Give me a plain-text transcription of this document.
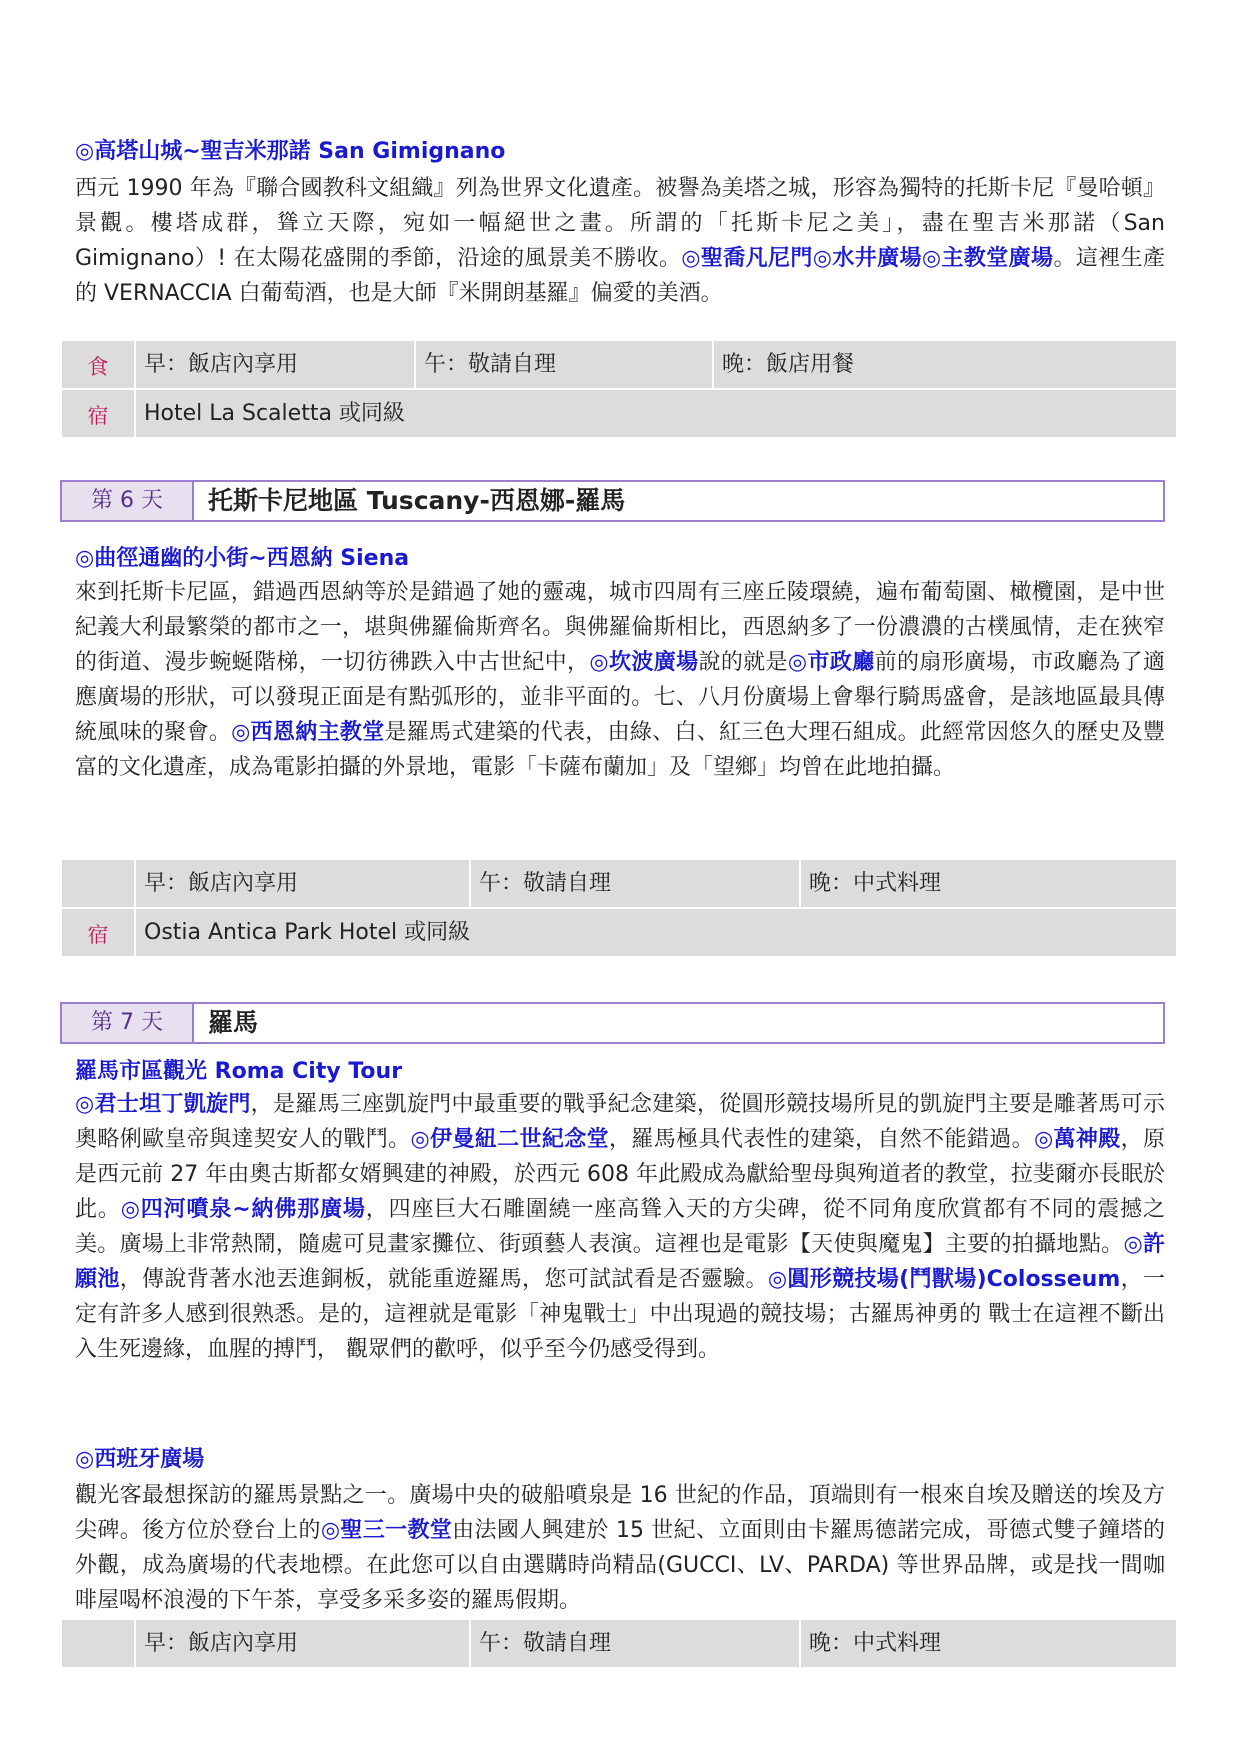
◎高塔山城~聖吉米那諾 San Gimignano
西元 1990 年為『聯合國教科文組織』列為世界文化遺產。被譽為美塔之城，形容為獨特的托斯卡尼『曼哈頓』景觀。樓塔成群，聳立天際，宛如一幅絕世之畫。所謂的「托斯卡尼之美」，盡在聖吉米那諾（San Gimignano）! 在太陽花盛開的季節，沿途的風景美不勝收。◎聖喬凡尼門◎水井廣場◎主教堂廣場。這裡生產的 VERNACCIA 白葡萄酒，也是大師『米開朗基羅』偏愛的美酒。
食	早：飯店內享用	午：敬請自理	晚：飯店用餐
宿	Hotel La Scaletta 或同級
第 6 天	托斯卡尼地區 Tuscany-西恩娜-羅馬
◎曲徑通幽的小街~西恩納 Siena
來到托斯卡尼區，錯過西恩納等於是錯過了她的靈魂，城市四周有三座丘陵環繞，遍布葡萄園、橄欖園，是中世紀義大利最繁榮的都市之一，堪與佛羅倫斯齊名。與佛羅倫斯相比，西恩納多了一份濃濃的古樸風情，走在狹窄的街道、漫步蜿蜒階梯，一切彷彿跌入中古世紀中，◎坎波廣場說的就是◎市政廳前的扇形廣場，市政廳為了適應廣場的形狀，可以發現正面是有點弧形的，並非平面的。七、八月份廣場上會舉行騎馬盛會，是該地區最具傳統風味的聚會。◎西恩納主教堂是羅馬式建築的代表，由綠、白、紅三色大理石組成。此經常因悠久的歷史及豐富的文化遺產，成為電影拍攝的外景地，電影「卡薩布蘭加」及「望鄉」均曾在此地拍攝。
早：飯店內享用	午：敬請自理	晚：中式料理
宿	Ostia Antica Park Hotel 或同級
第 7 天	羅馬
羅馬市區觀光 Roma City Tour
◎君士坦丁凱旋門，是羅馬三座凱旋門中最重要的戰爭紀念建築，從圓形競技場所見的凱旋門主要是雕著馬可示奧略俐歐皇帝與達契安人的戰鬥。◎伊曼紐二世紀念堂，羅馬極具代表性的建築，自然不能錯過。◎萬神殿，原是西元前 27 年由奧古斯都女婿興建的神殿，於西元 608 年此殿成為獻給聖母與殉道者的教堂，拉斐爾亦長眠於此。◎四河噴泉~納佛那廣場，四座巨大石雕圍繞一座高聳入天的方尖碑，從不同角度欣賞都有不同的震撼之美。廣場上非常熱鬧，隨處可見畫家攤位、街頭藝人表演。這裡也是電影【天使與魔鬼】主要的拍攝地點。◎許願池，傳說背著水池丟進銅板，就能重遊羅馬，您可試試看是否靈驗。◎圓形競技場(鬥獸場)Colosseum，一定有許多人感到很熟悉。是的，這裡就是電影「神鬼戰士」中出現過的競技場；古羅馬神勇的 戰士在這裡不斷出入生死邊緣，血腥的搏鬥， 觀眾們的歡呼，似乎至今仍感受得到。
◎西班牙廣場
觀光客最想探訪的羅馬景點之一。廣場中央的破船噴泉是 16 世紀的作品，頂端則有一根來自埃及贈送的埃及方尖碑。後方位於登台上的◎聖三一教堂由法國人興建於 15 世紀、立面則由卡羅馬德諾完成，哥德式雙子鐘塔的外觀，成為廣場的代表地標。在此您可以自由選購時尚精品(GUCCI、LV、PARDA) 等世界品牌，或是找一間咖啡屋喝杯浪漫的下午茶，享受多采多姿的羅馬假期。
早：飯店內享用	午：敬請自理	晚：中式料理
